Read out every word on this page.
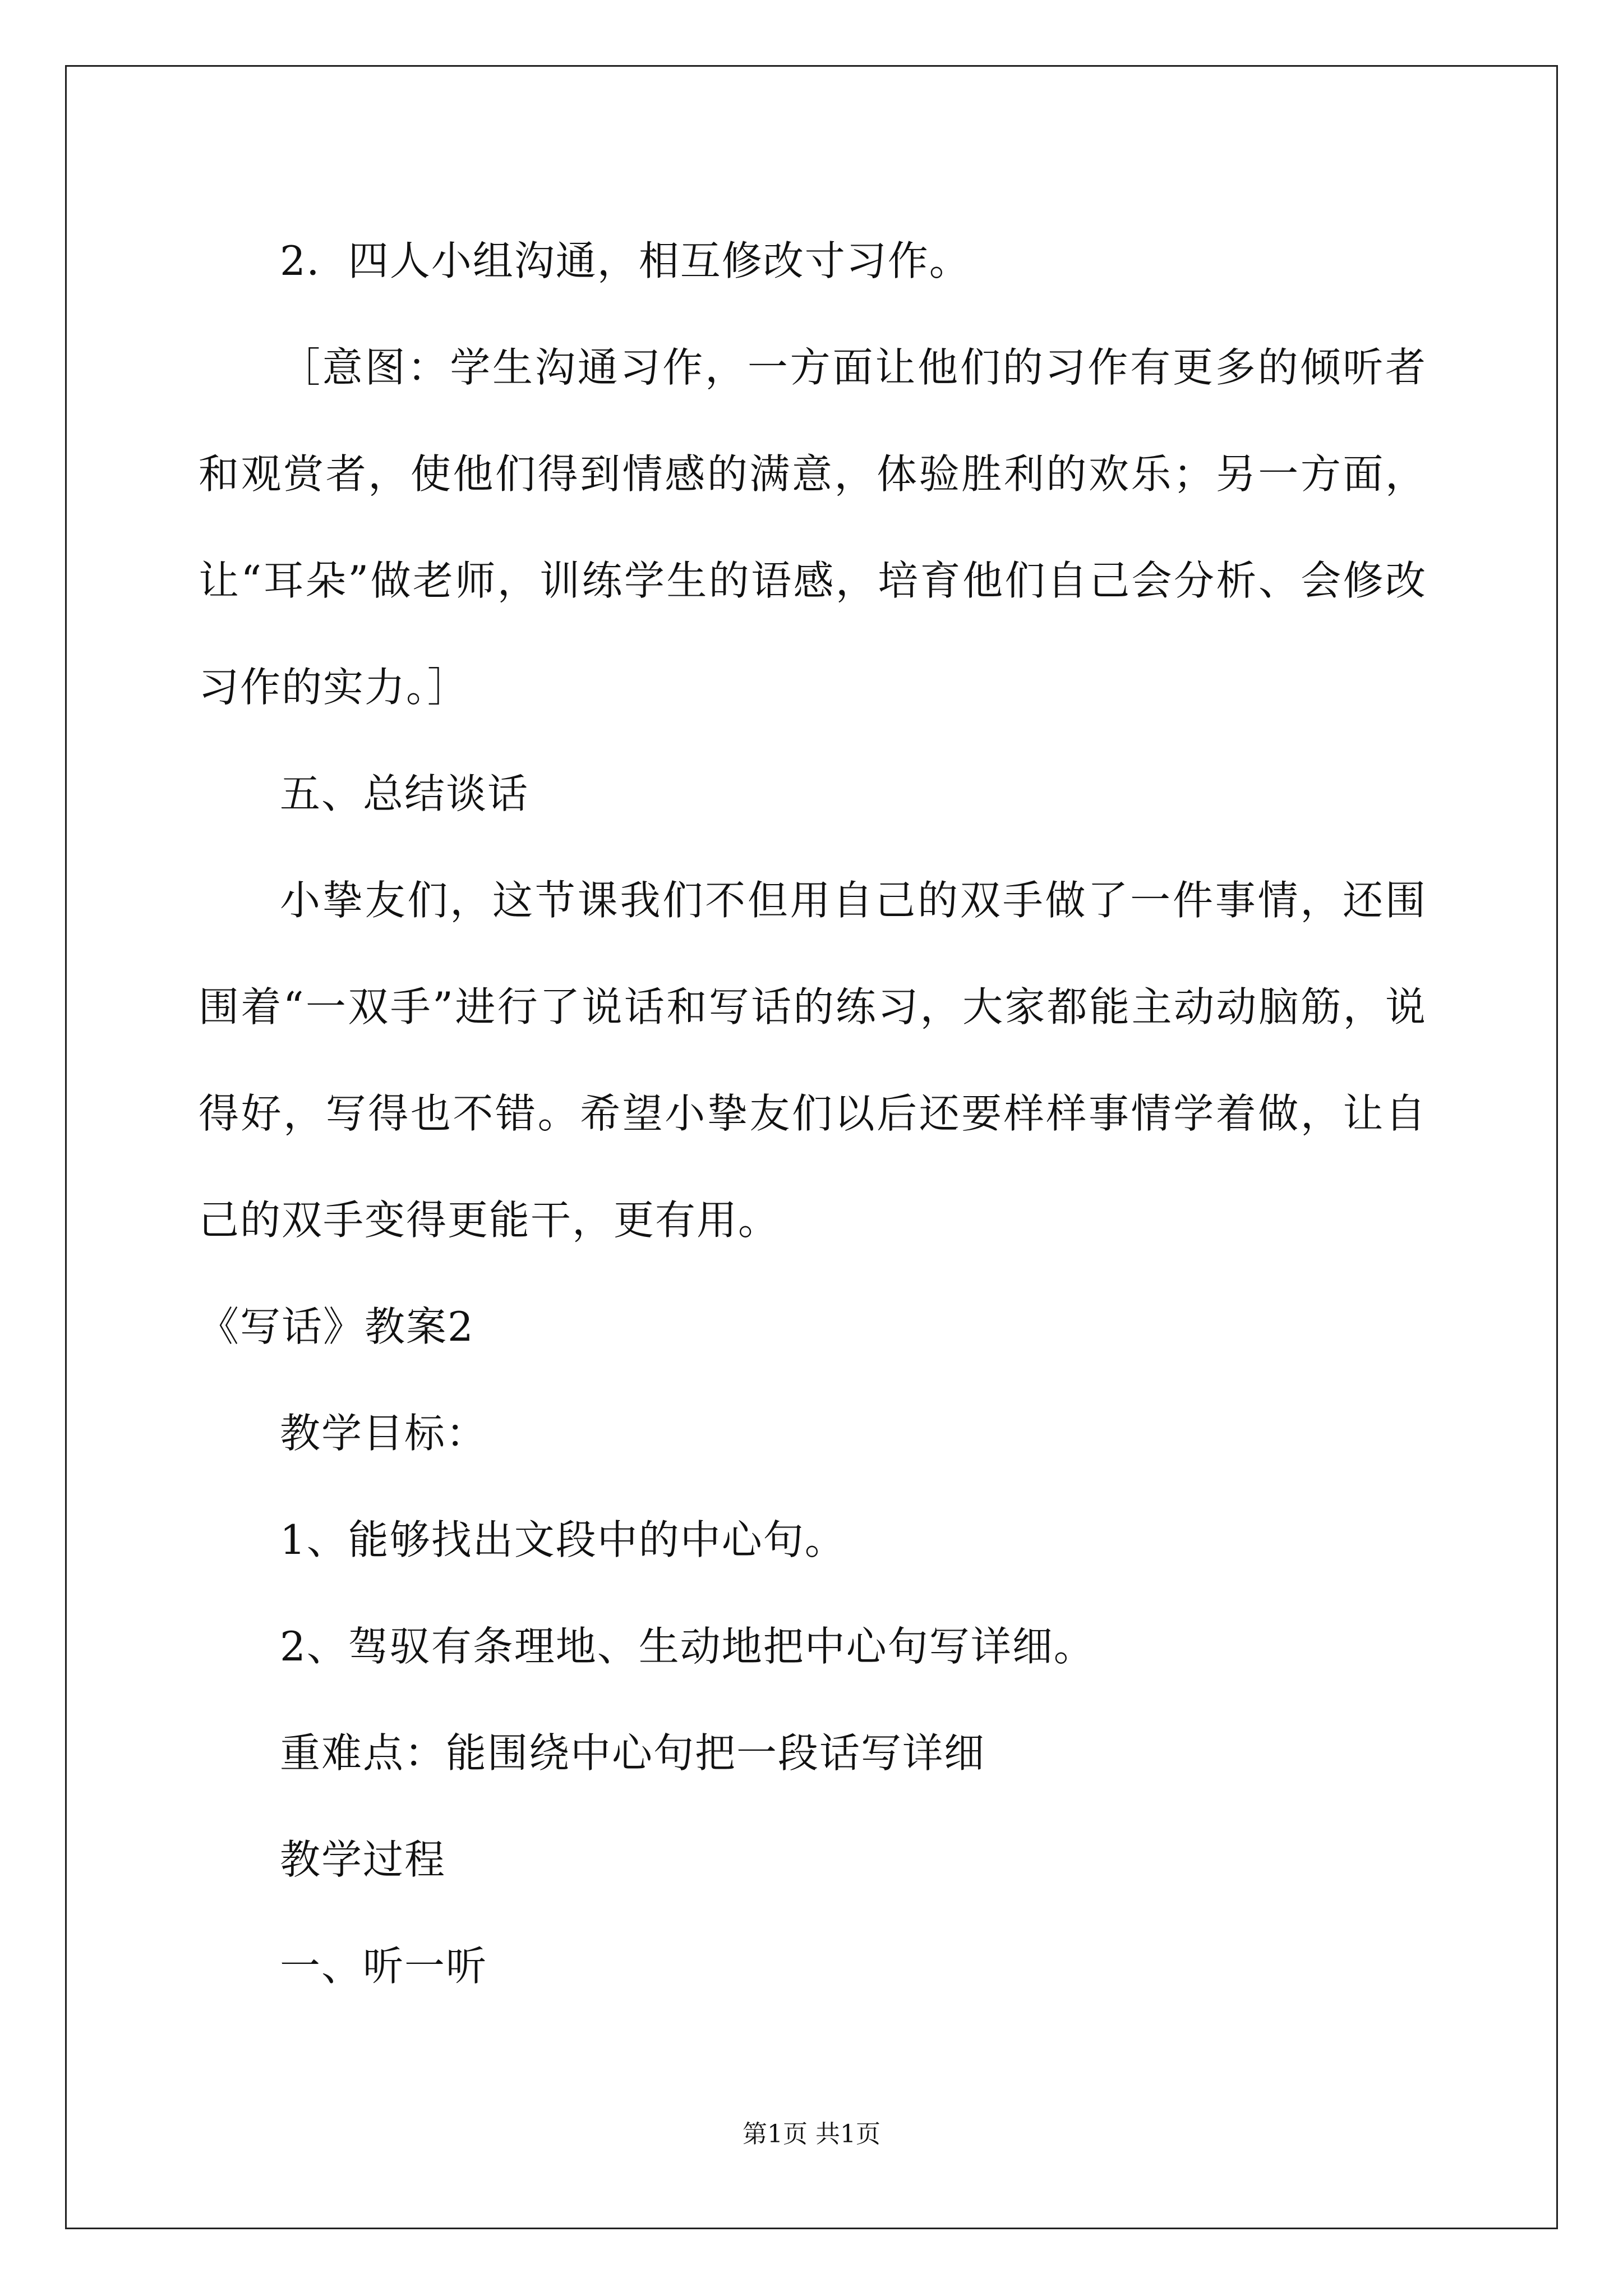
2．四人小组沟通，相互修改寸习作。

［意图：学生沟通习作，一方面让他们的习作有更多的倾听者和观赏者，使他们得到情感的满意，体验胜利的欢乐；另一方面，让“耳朵”做老师，训练学生的语感，培育他们自己会分析、会修改习作的实力。］

五、总结谈话

小挚友们，这节课我们不但用自己的双手做了一件事情，还围围着“一双手”进行了说话和写话的练习，大家都能主动动脑筋，说得好，写得也不错。希望小挚友们以后还要样样事情学着做，让自己的双手变得更能干，更有用。

《写话》教案2

教学目标：

1、能够找出文段中的中心句。

2、驾驭有条理地、生动地把中心句写详细。

重难点：能围绕中心句把一段话写详细

教学过程

一、听一听

第1页 共1页
